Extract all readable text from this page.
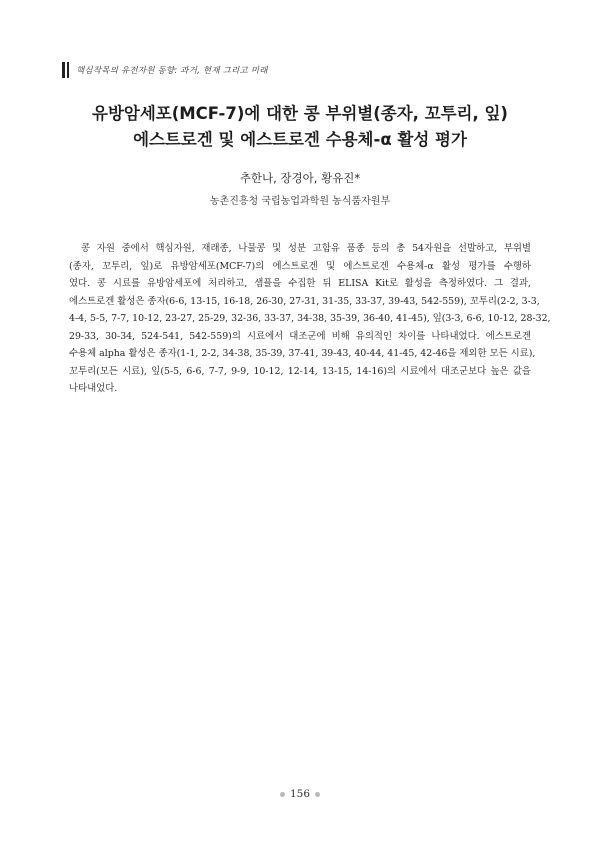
핵심작목의 유전자원 동향: 과거, 현재 그리고 미래
유방암세포(MCF-7)에 대한 콩 부위별(종자, 꼬투리, 잎)
에스트로겐 및 에스트로겐 수용체-α 활성 평가
추한나, 장경아, 황유진*
농촌진흥청 국립농업과학원 농식품자원부
콩 자원 중에서 핵심자원, 재래종, 나물콩 및 성분 고함유 품종 등의 총 54자원을 선발하고, 부위별
(종자, 꼬투리, 잎)로 유방암세포(MCF-7)의 에스트로겐 및 에스트로겐 수용체-α 활성 평가를 수행하
였다. 콩 시료를 유방암세포에 처리하고, 샘플을 수집한 뒤 ELISA Kit로 활성을 측정하였다. 그 결과,
에스트로겐 활성은 종자(6-6, 13-15, 16-18, 26-30, 27-31, 31-35, 33-37, 39-43, 542-559), 꼬투리(2-2, 3-3,
4-4, 5-5, 7-7, 10-12, 23-27, 25-29, 32-36, 33-37, 34-38, 35-39, 36-40, 41-45), 잎(3-3, 6-6, 10-12, 28-32,
29-33, 30-34, 524-541, 542-559)의 시료에서 대조군에 비해 유의적인 차이를 나타내었다. 에스트로겐
수용체 alpha 활성은 종자(1-1, 2-2, 34-38, 35-39, 37-41, 39-43, 40-44, 41-45, 42-46을 제외한 모든 시료),
꼬투리(모든 시료), 잎(5-5, 6-6, 7-7, 9-9, 10-12, 12-14, 13-15, 14-16)의 시료에서 대조군보다 높은 값을
나타내었다.
156
